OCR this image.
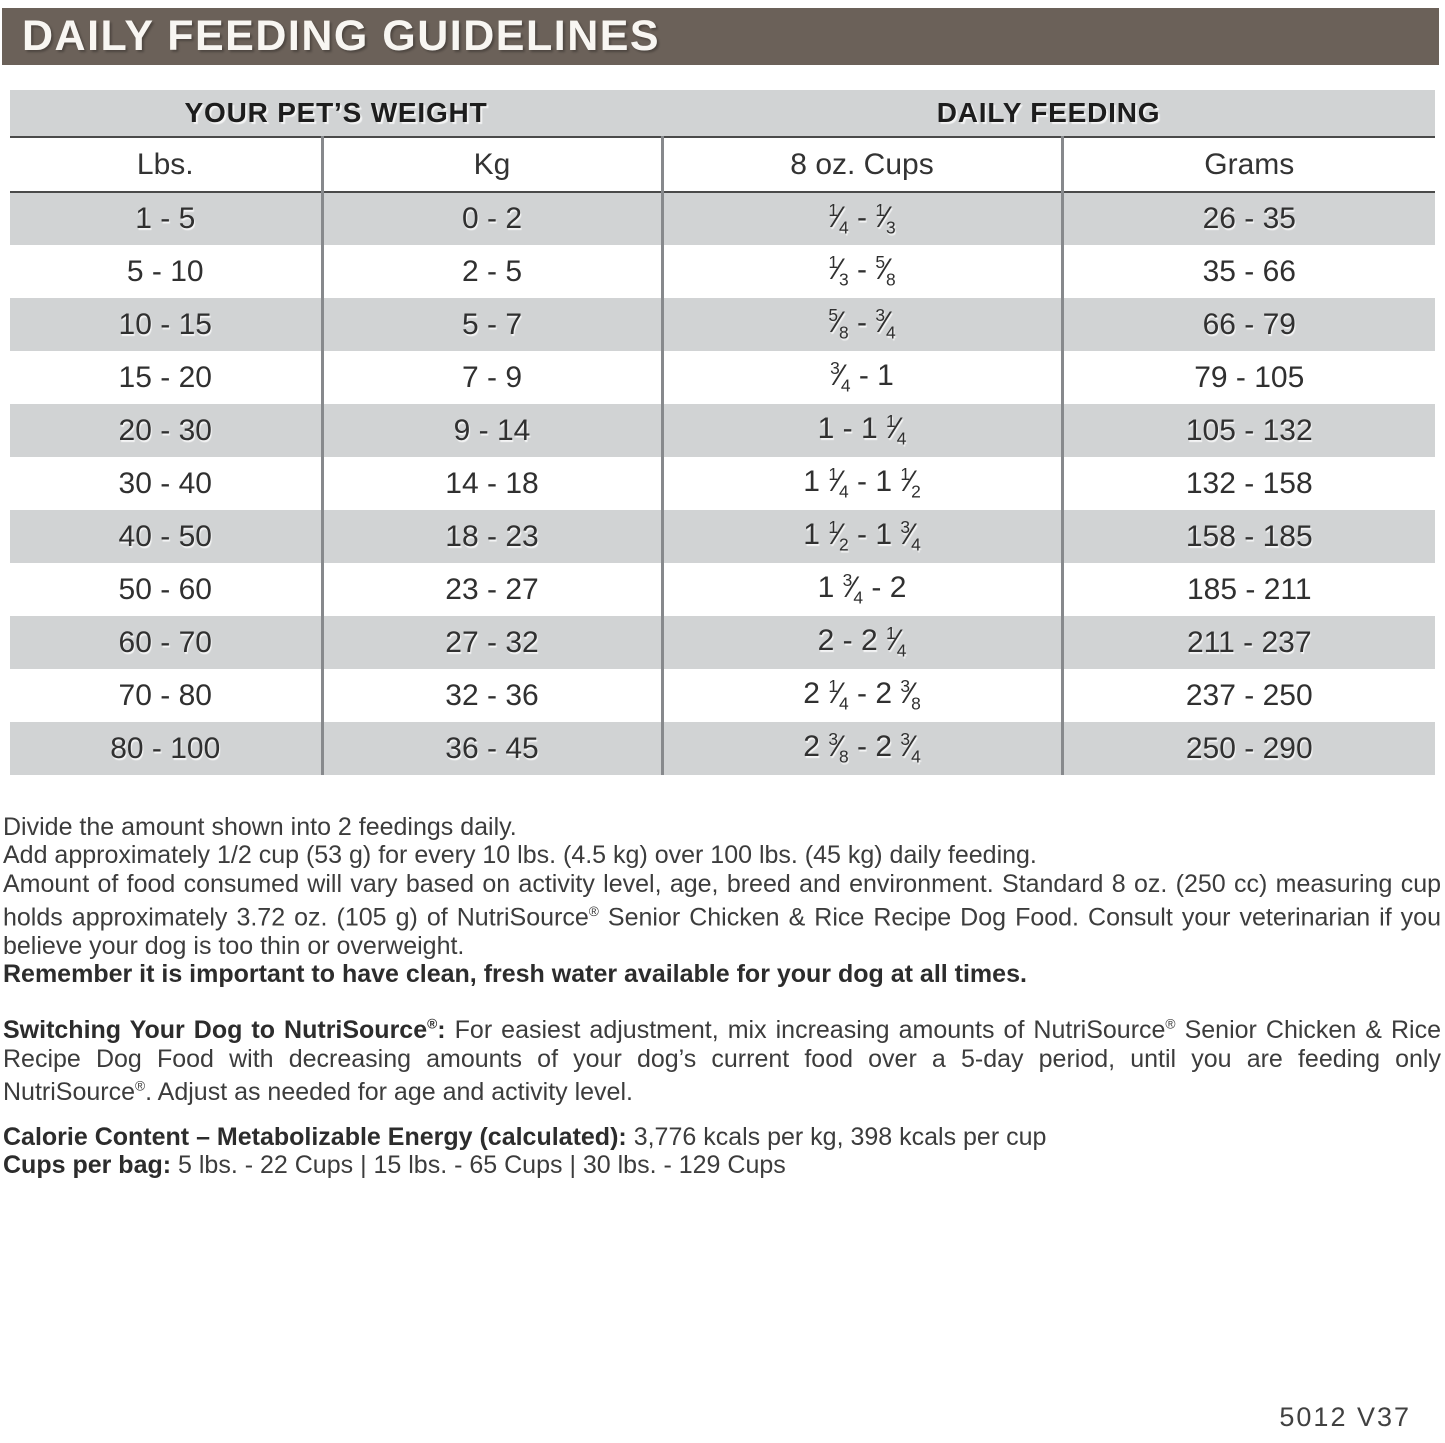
DAILY FEEDING GUIDELINES
YOUR PET’S WEIGHT		DAILY FEEDING	
Lbs.	Kg	8 oz. Cups	Grams
1 - 5	0 - 2	$^1⁄_4$ - $^1⁄_3$	26 - 35
5 - 10	2 - 5	$^1⁄_3$ - $^5⁄_8$	35 - 66
10 - 15	5 - 7	$^5⁄_8$ - $^3⁄_4$	66 - 79
15 - 20	7 - 9	$^3⁄_4 - 1$	79 - 105
20 - 30	9 - 14	1 - 1 $^1⁄_4$	105 - 132
30 - 40	14 - 18	1 $^1⁄_4 - 1$ $^1⁄_2$	132 - 158
40 - 50	18 - 23	1 $^1⁄_2 - 1$ $^3⁄_4$	158 - 185
50 - 60	23 - 27	1 $^3⁄_4 - 2$	185 - 211
60 - 70	27 - 32	2 - 2 $^1⁄_4$	211 - 237
70 - 80	32 - 36	2 $^1⁄_4 - 2$ $^3⁄_8$	237 - 250
80 - 100	36 - 45	2 $^3⁄_8 - 2$ $^3⁄_4$	250 - 290

Divide the amount shown into 2 feedings daily.

Add approximately 1/2 cup (53 g) for every 10 lbs. (4.5 kg) over 100 lbs. (45 kg) daily feeding.

Amount of food consumed will vary based on activity level, age, breed and environment. Standard 8 oz. (250 cc) measuring cup holds approximately 3.72 oz. (105 g) of NutriSource® Senior Chicken & Rice Recipe Dog Food. Consult your veterinarian if you believe your dog is too thin or overweight.

Remember it is important to have clean, fresh water available for your dog at all times.

Switching Your Dog to NutriSource®: For easiest adjustment, mix increasing amounts of NutriSource® Senior Chicken & Rice Recipe Dog Food with decreasing amounts of your dog’s current food over a 5-day period, until you are feeding only NutriSource®. Adjust as needed for age and activity level.
Calorie Content – Metabolizable Energy (calculated): 3,776 kcals per kg, 398 kcals per cup
Cups per bag: 5 lbs. - 22 Cups | 15 lbs. - 65 Cups | 30 lbs. - 129 Cups
5012 V37
